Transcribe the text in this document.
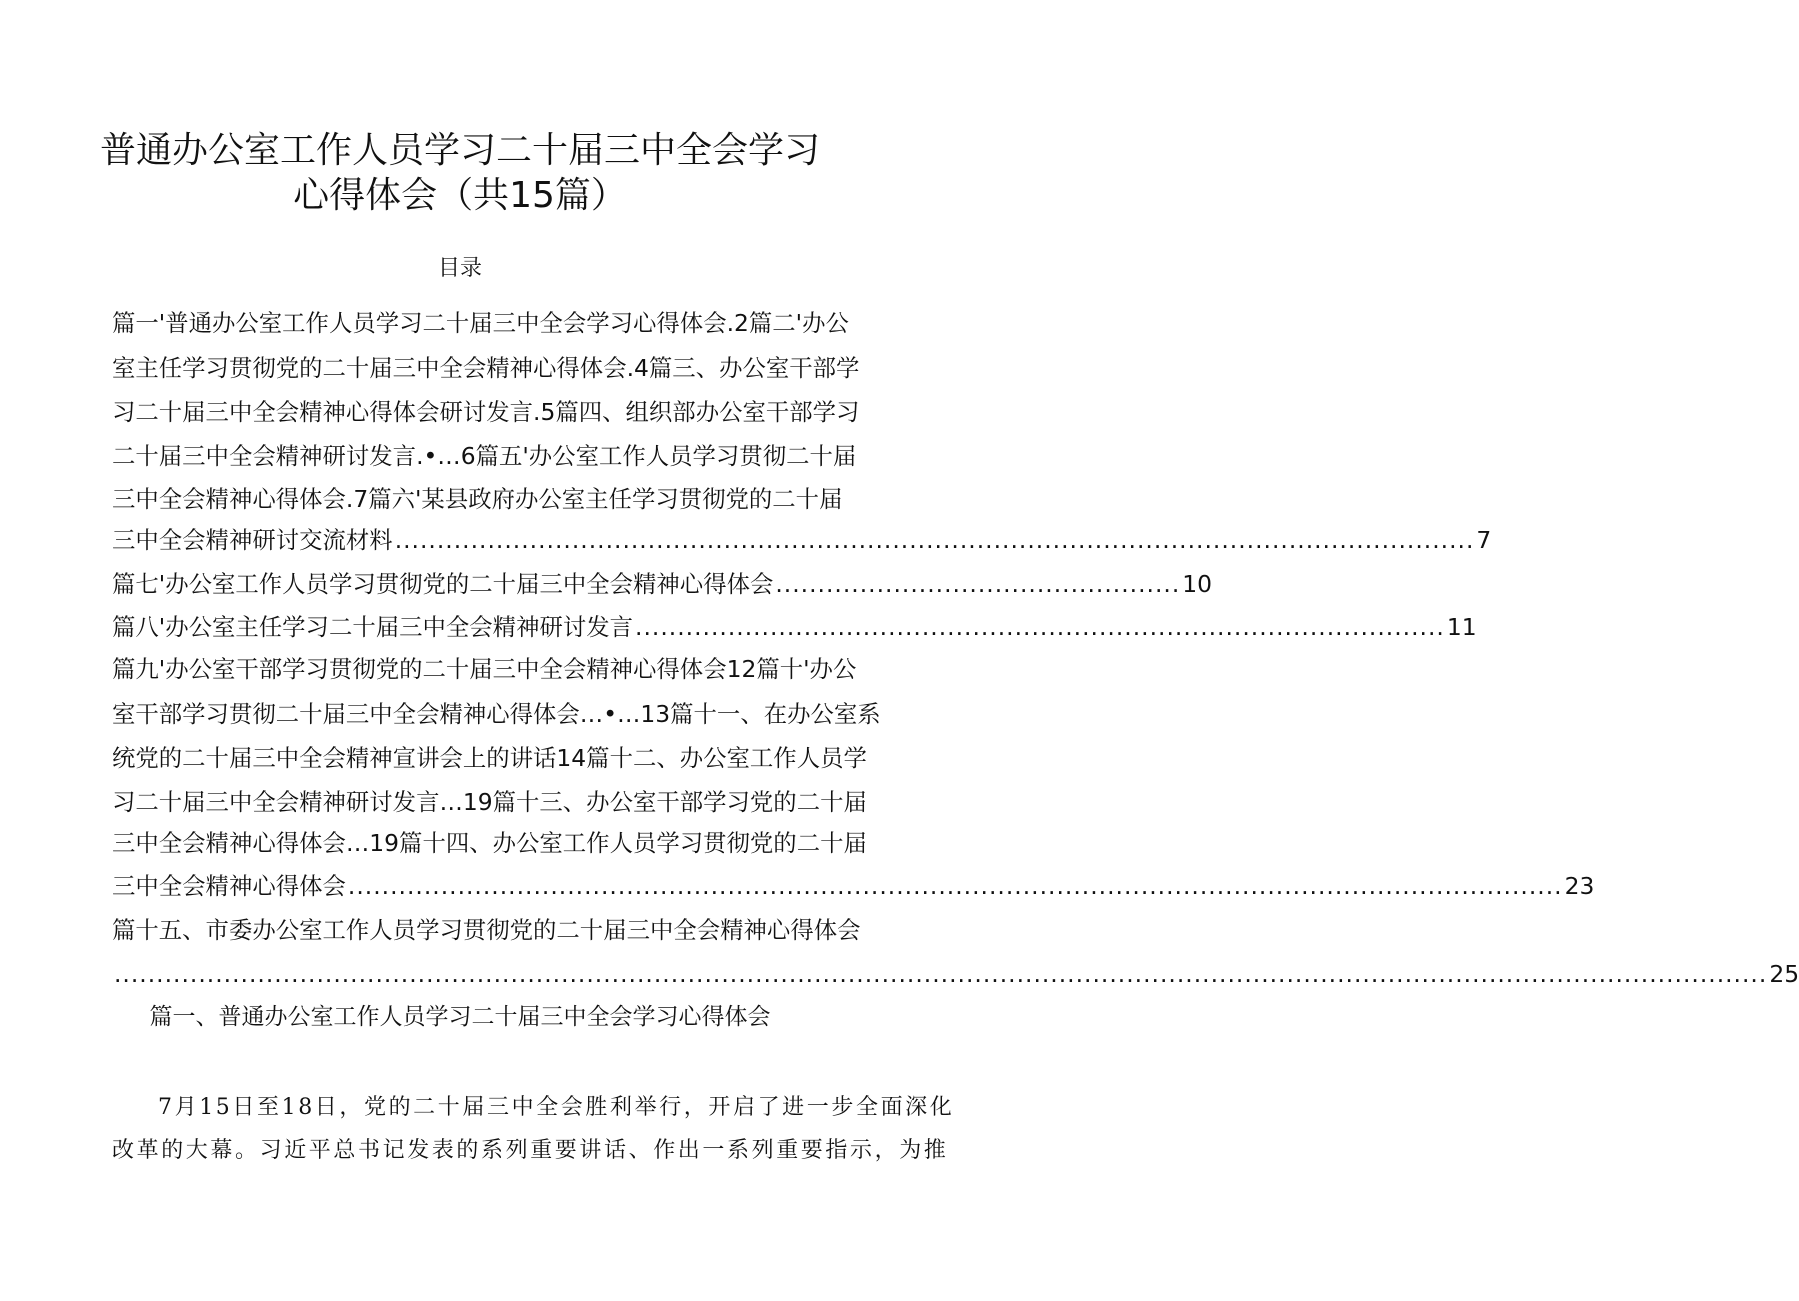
普通办公室工作人员学习二十届三中全会学习
心得体会（共15篇）
目录
篇一'普通办公室工作人员学习二十届三中全会学习心得体会.2篇二'办公
室主任学习贯彻党的二十届三中全会精神心得体会.4篇三、办公室干部学
习二十届三中全会精神心得体会研讨发言.5篇四、组织部办公室干部学习
二十届三中全会精神研讨发言.•…6篇五'办公室工作人员学习贯彻二十届
三中全会精神心得体会.7篇六'某县政府办公室主任学习贯彻党的二十届
三中全会精神研讨交流材料 ................................................................................................................................ 7
篇七'办公室工作人员学习贯彻党的二十届三中全会精神心得体会 ................................................ 10
篇八'办公室主任学习二十届三中全会精神研讨发言 ................................................................................................ 11
篇九'办公室干部学习贯彻党的二十届三中全会精神心得体会12篇十'办公
室干部学习贯彻二十届三中全会精神心得体会…•…13篇十一、在办公室系
统党的二十届三中全会精神宣讲会上的讲话14篇十二、办公室工作人员学
习二十届三中全会精神研讨发言…19篇十三、办公室干部学习党的二十届
三中全会精神心得体会…19篇十四、办公室工作人员学习贯彻党的二十届
三中全会精神心得体会 ................................................................................................................................................ 23
篇十五、市委办公室工作人员学习贯彻党的二十届三中全会精神心得体会
.................................................................................................................................................................................................... 25
篇一、普通办公室工作人员学习二十届三中全会学习心得体会
7月15日至18日，党的二十届三中全会胜利举行，开启了进一步全面深化
改革的大幕。习近平总书记发表的系列重要讲话、作出一系列重要指示，为推
